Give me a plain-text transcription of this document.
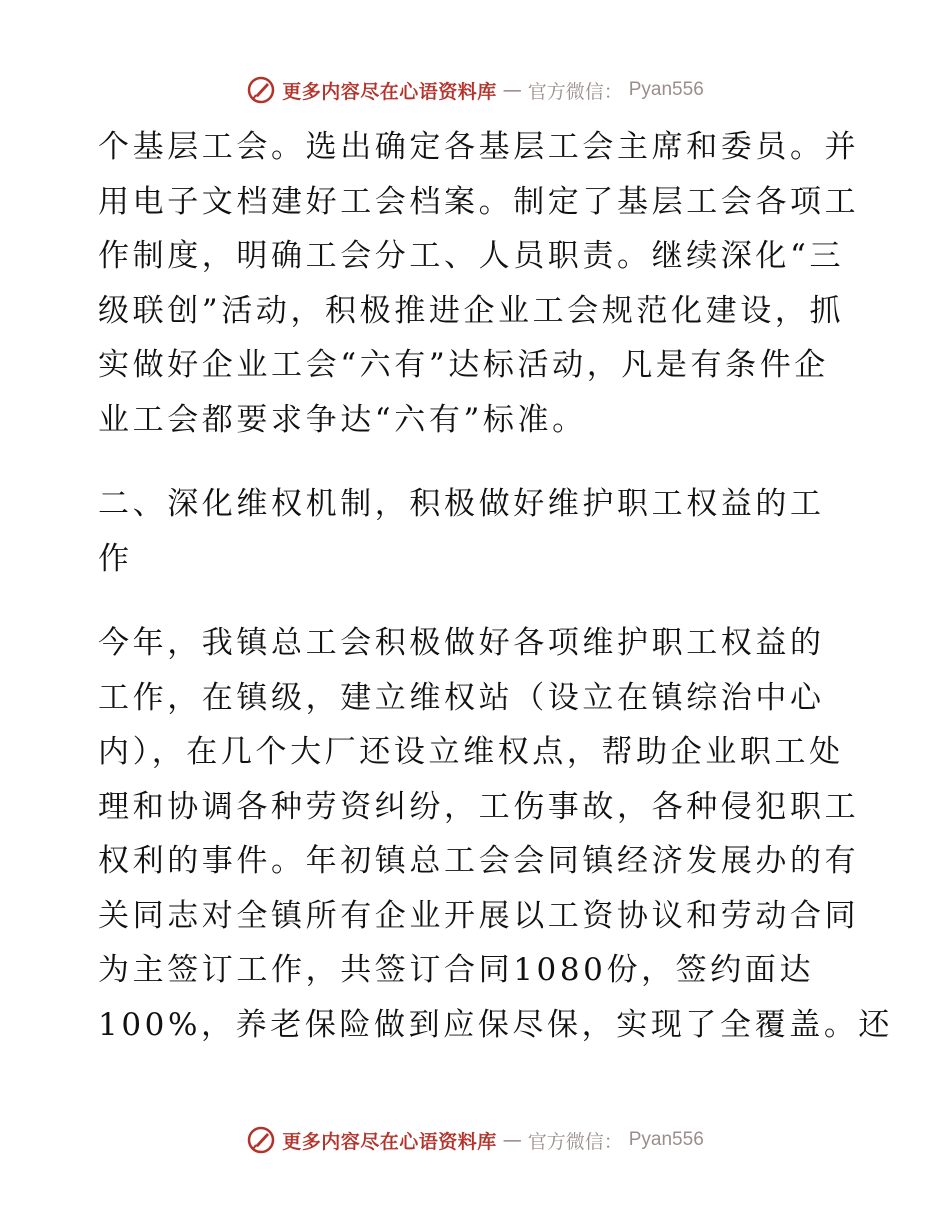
更多内容尽在心语资料库 — 官方微信： Pyan556
个基层工会。选出确定各基层工会主席和委员。并
用电子文档建好工会档案。制定了基层工会各项工
作制度，明确工会分工、人员职责。继续深化“三
级联创”活动，积极推进企业工会规范化建设，抓
实做好企业工会“六有”达标活动，凡是有条件企
业工会都要求争达“六有”标准。
二、深化维权机制，积极做好维护职工权益的工
作
今年，我镇总工会积极做好各项维护职工权益的
工作，在镇级，建立维权站（设立在镇综治中心
内），在几个大厂还设立维权点，帮助企业职工处
理和协调各种劳资纠纷，工伤事故，各种侵犯职工
权利的事件。年初镇总工会会同镇经济发展办的有
关同志对全镇所有企业开展以工资协议和劳动合同
为主签订工作，共签订合同1080份，签约面达
100%，养老保险做到应保尽保，实现了全覆盖。还
更多内容尽在心语资料库 — 官方微信： Pyan556
